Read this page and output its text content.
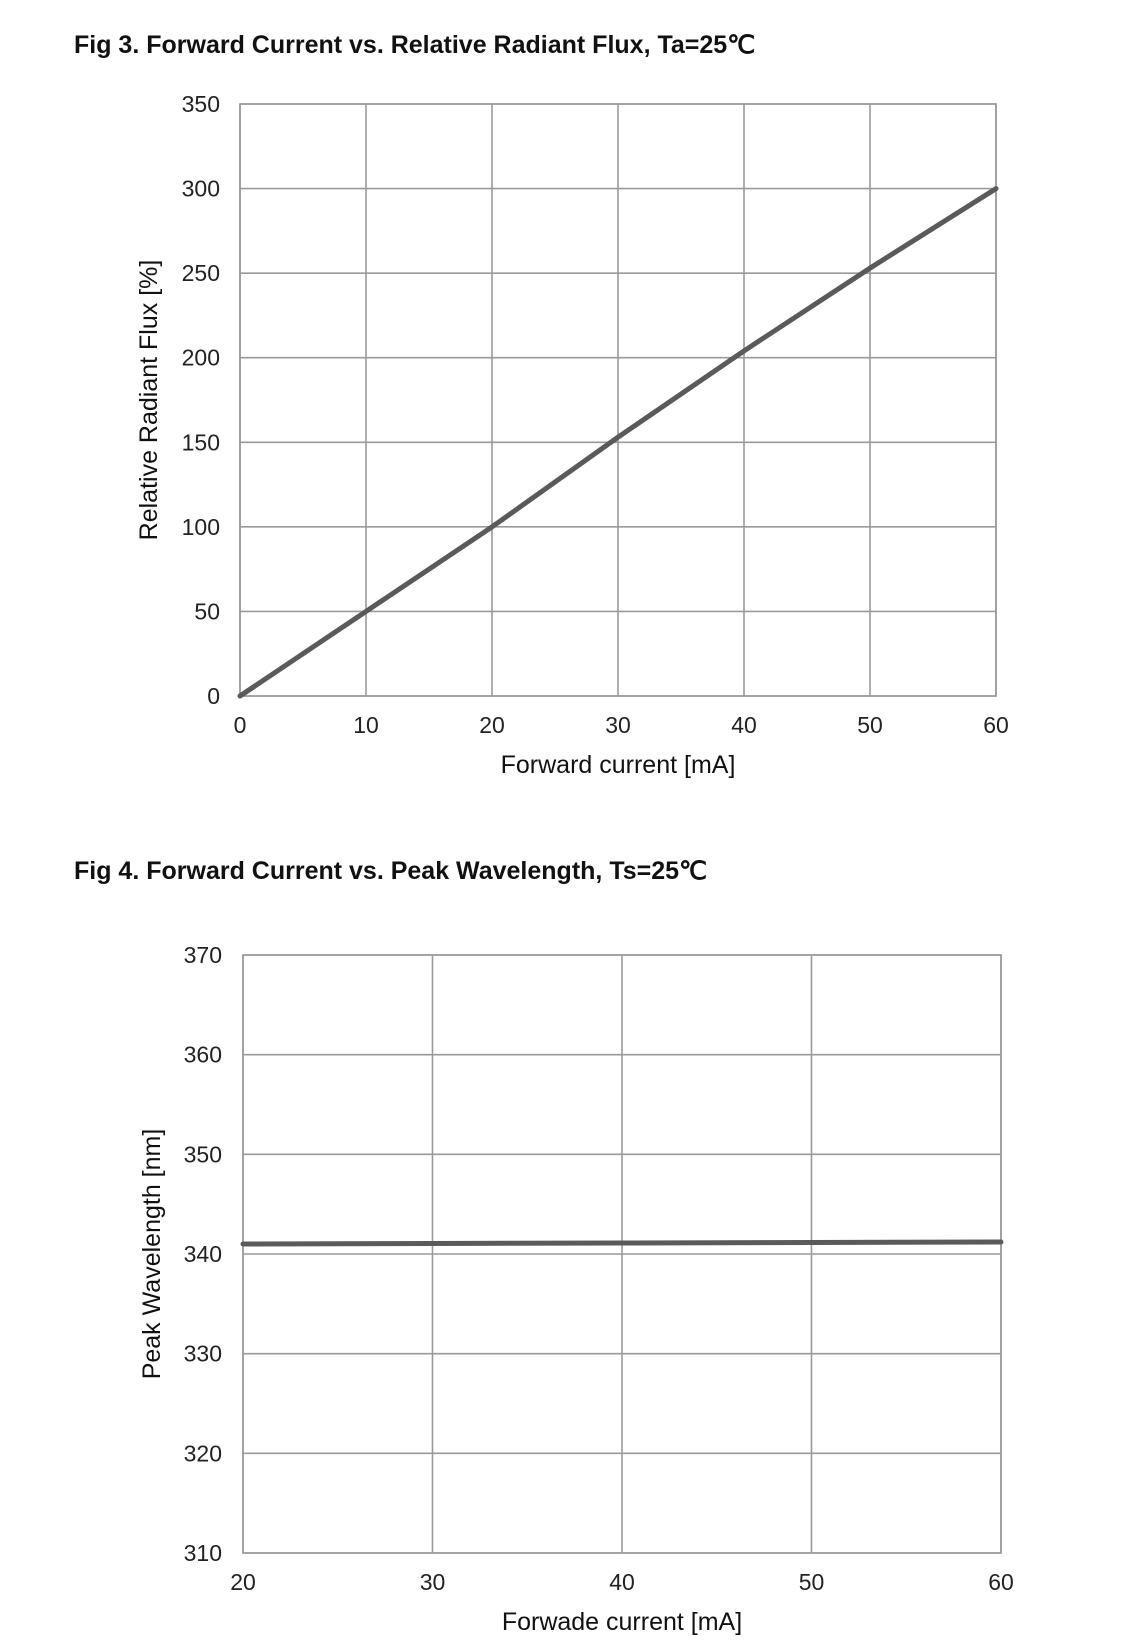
Fig 3. Forward Current vs. Relative Radiant Flux, Ta=25℃
0	10	20	30	40	50	60
0
50
100
150
200
250
300
350
Forward current [mA]
Relative Radiant Flux [%]
Fig 4. Forward Current vs. Peak Wavelength, Ts=25℃
20	30	40	50	60
310
320
330
340
350
360
370
Forwade current [mA]
Peak Wavelength [nm]
